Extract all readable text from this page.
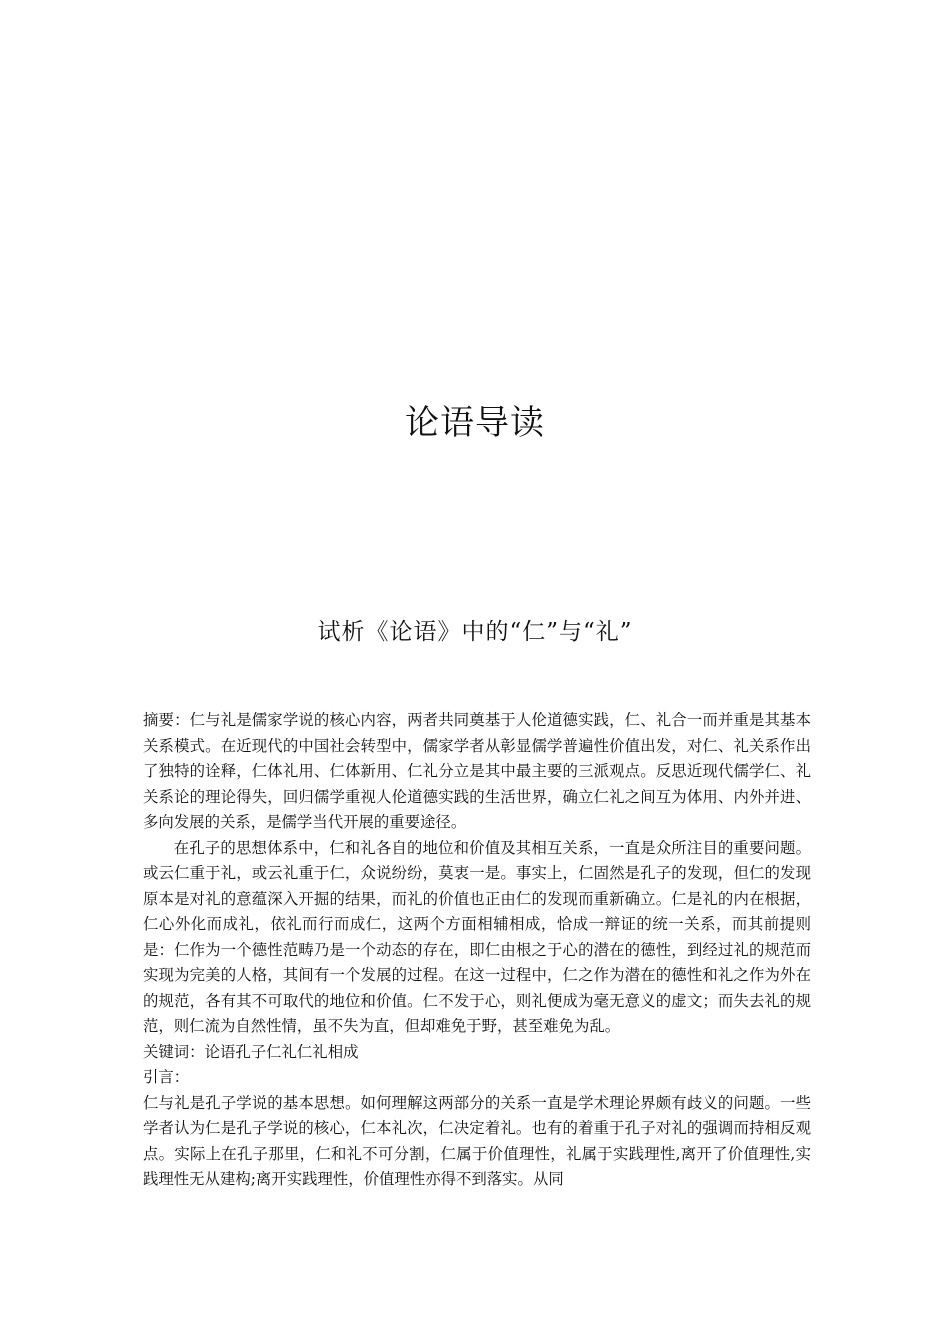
论语导读
试析《论语》中的“仁”与“礼”

摘要：仁与礼是儒家学说的核心内容，两者共同奠基于人伦道德实践，仁、礼合一而并重是其基本关系模式。在近现代的中国社会转型中，儒家学者从彰显儒学普遍性价值出发，对仁、礼关系作出了独特的诠释，仁体礼用、仁体新用、仁礼分立是其中最主要的三派观点。反思近现代儒学仁、礼关系论的理论得失，回归儒学重视人伦道德实践的生活世界，确立仁礼之间互为体用、内外并进、多向发展的关系，是儒学当代开展的重要途径。

在孔子的思想体系中，仁和礼各自的地位和价值及其相互关系，一直是众所注目的重要问题。或云仁重于礼，或云礼重于仁，众说纷纷，莫衷一是。事实上，仁固然是孔子的发现，但仁的发现原本是对礼的意蕴深入开掘的结果，而礼的价值也正由仁的发现而重新确立。仁是礼的内在根据，仁心外化而成礼，依礼而行而成仁，这两个方面相辅相成，恰成一辩证的统一关系，而其前提则是：仁作为一个德性范畴乃是一个动态的存在，即仁由根之于心的潜在的德性，到经过礼的规范而实现为完美的人格，其间有一个发展的过程。在这一过程中，仁之作为潜在的德性和礼之作为外在的规范，各有其不可取代的地位和价值。仁不发于心，则礼便成为毫无意义的虚文；而失去礼的规范，则仁流为自然性情，虽不失为直，但却难免于野，甚至难免为乱。

关键词：论语孔子仁礼仁礼相成

引言：

仁与礼是孔子学说的基本思想。如何理解这两部分的关系一直是学术理论界颇有歧义的问题。一些学者认为仁是孔子学说的核心，仁本礼次，仁决定着礼。也有的着重于孔子对礼的强调而持相反观点。实际上在孔子那里，仁和礼不可分割，仁属于价值理性，礼属于实践理性,离开了价值理性,实践理性无从建构;离开实践理性，价值理性亦得不到落实。从同
